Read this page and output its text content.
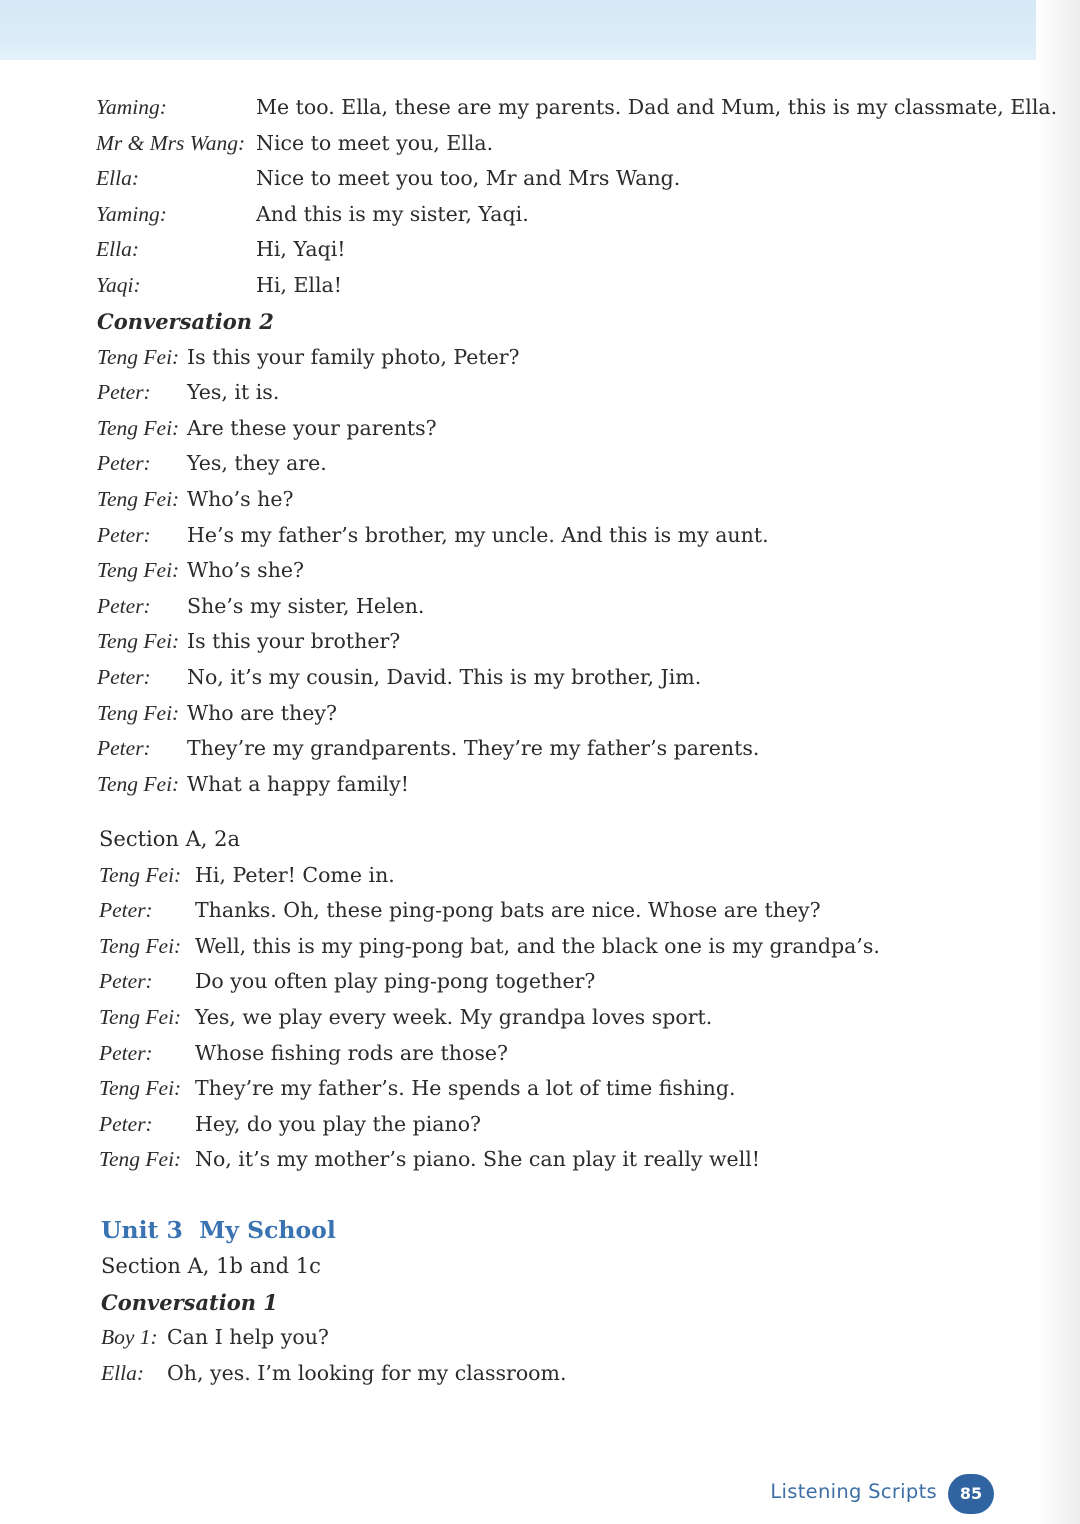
Yaming:	Me too. Ella, these are my parents. Dad and Mum, this is my classmate, Ella.
Mr & Mrs Wang: Nice to meet you, Ella.
Ella:	Nice to meet you too, Mr and Mrs Wang.
Yaming:	And this is my sister, Yaqi.
Ella:	Hi, Yaqi!
Yaqi:	Hi, Ella!
Conversation 2
Teng Fei: Is this your family photo, Peter?
Peter: Yes, it is.
Teng Fei: Are these your parents?
Peter: Yes, they are.
Teng Fei: Who’s he?
Peter: He’s my father’s brother, my uncle. And this is my aunt.
Teng Fei: Who’s she?
Peter: She’s my sister, Helen.
Teng Fei: Is this your brother?
Peter: No, it’s my cousin, David. This is my brother, Jim.
Teng Fei: Who are they?
Peter: They’re my grandparents. They’re my father’s parents.
Teng Fei: What a happy family!
Section A, 2a
Teng Fei: Hi, Peter! Come in.
Peter: Thanks. Oh, these ping-pong bats are nice. Whose are they?
Teng Fei: Well, this is my ping-pong bat, and the black one is my grandpa’s.
Peter: Do you often play ping-pong together?
Teng Fei: Yes, we play every week. My grandpa loves sport.
Peter: Whose fishing rods are those?
Teng Fei: They’re my father’s. He spends a lot of time fishing.
Peter: Hey, do you play the piano?
Teng Fei: No, it’s my mother’s piano. She can play it really well!
Unit 3  My School
Section A, 1b and 1c
Conversation 1
Boy 1: Can I help you?
Ella: Oh, yes. I’m looking for my classroom.
Listening Scripts	85
